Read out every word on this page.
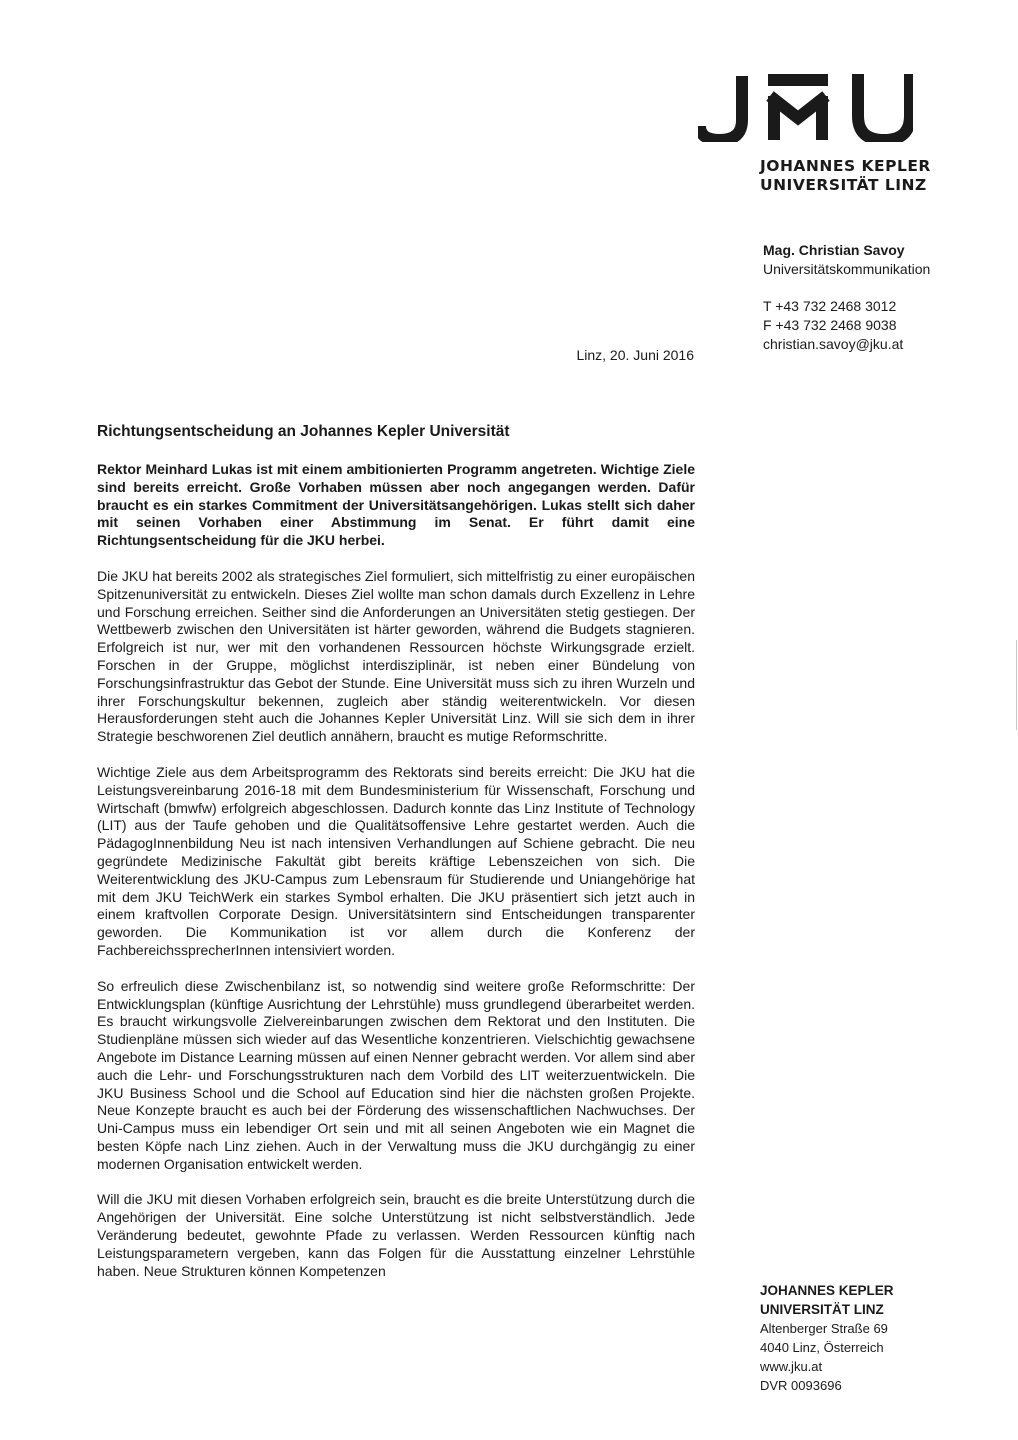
JOHANNES KEPLER
UNIVERSITÄT LINZ
Mag. Christian Savoy
Universitätskommunikation
T +43 732 2468 3012
F +43 732 2468 9038
christian.savoy@jku.at
Linz, 20. Juni 2016
Richtungsentscheidung an Johannes Kepler Universität
Rektor Meinhard Lukas ist mit einem ambitionierten Programm angetreten. Wichtige Ziele sind bereits erreicht. Große Vorhaben müssen aber noch angegangen werden. Dafür braucht es ein starkes Commitment der Universitätsangehörigen. Lukas stellt sich daher mit seinen Vorhaben einer Abstimmung im Senat. Er führt damit eine Richtungsentscheidung für die JKU herbei.
Die JKU hat bereits 2002 als strategisches Ziel formuliert, sich mittelfristig zu einer europäischen Spitzenuniversität zu entwickeln. Dieses Ziel wollte man schon damals durch Exzellenz in Lehre und Forschung erreichen. Seither sind die Anforderungen an Universitäten stetig gestiegen. Der Wettbewerb zwischen den Universitäten ist härter geworden, während die Budgets stagnieren. Erfolgreich ist nur, wer mit den vorhandenen Ressourcen höchste Wirkungsgrade erzielt. Forschen in der Gruppe, möglichst interdisziplinär, ist neben einer Bündelung von Forschungsinfrastruktur das Gebot der Stunde. Eine Universität muss sich zu ihren Wurzeln und ihrer Forschungskultur bekennen, zugleich aber ständig weiterentwickeln. Vor diesen Herausforderungen steht auch die Johannes Kepler Universität Linz. Will sie sich dem in ihrer Strategie beschworenen Ziel deutlich annähern, braucht es mutige Reformschritte.
Wichtige Ziele aus dem Arbeitsprogramm des Rektorats sind bereits erreicht: Die JKU hat die Leistungsvereinbarung 2016-18 mit dem Bundesministerium für Wissenschaft, Forschung und Wirtschaft (bmwfw) erfolgreich abgeschlossen. Dadurch konnte das Linz Institute of Technology (LIT) aus der Taufe gehoben und die Qualitätsoffensive Lehre gestartet werden. Auch die PädagogInnenbildung Neu ist nach intensiven Verhandlungen auf Schiene gebracht. Die neu gegründete Medizinische Fakultät gibt bereits kräftige Lebenszeichen von sich. Die Weiterentwicklung des JKU-Campus zum Lebensraum für Studierende und Uniangehörige hat mit dem JKU TeichWerk ein starkes Symbol erhalten. Die JKU präsentiert sich jetzt auch in einem kraftvollen Corporate Design. Universitätsintern sind Entscheidungen transparenter geworden. Die Kommunikation ist vor allem durch die Konferenz der FachbereichssprecherInnen intensiviert worden.
So erfreulich diese Zwischenbilanz ist, so notwendig sind weitere große Reformschritte: Der Entwicklungsplan (künftige Ausrichtung der Lehrstühle) muss grundlegend überarbeitet werden. Es braucht wirkungsvolle Zielvereinbarungen zwischen dem Rektorat und den Instituten. Die Studienpläne müssen sich wieder auf das Wesentliche konzentrieren. Vielschichtig gewachsene Angebote im Distance Learning müssen auf einen Nenner gebracht werden. Vor allem sind aber auch die Lehr- und Forschungsstrukturen nach dem Vorbild des LIT weiterzuentwickeln. Die JKU Business School und die School auf Education sind hier die nächsten großen Projekte. Neue Konzepte braucht es auch bei der Förderung des wissenschaftlichen Nachwuchses. Der Uni-Campus muss ein lebendiger Ort sein und mit all seinen Angeboten wie ein Magnet die besten Köpfe nach Linz ziehen. Auch in der Verwaltung muss die JKU durchgängig zu einer modernen Organisation entwickelt werden.
Will die JKU mit diesen Vorhaben erfolgreich sein, braucht es die breite Unterstützung durch die Angehörigen der Universität. Eine solche Unterstützung ist nicht selbstverständlich. Jede Veränderung bedeutet, gewohnte Pfade zu verlassen. Werden Ressourcen künftig nach Leistungsparametern vergeben, kann das Folgen für die Ausstattung einzelner Lehrstühle haben. Neue Strukturen können Kompetenzen
JOHANNES KEPLER
UNIVERSITÄT LINZ
Altenberger Straße 69
4040 Linz, Österreich
www.jku.at
DVR 0093696
